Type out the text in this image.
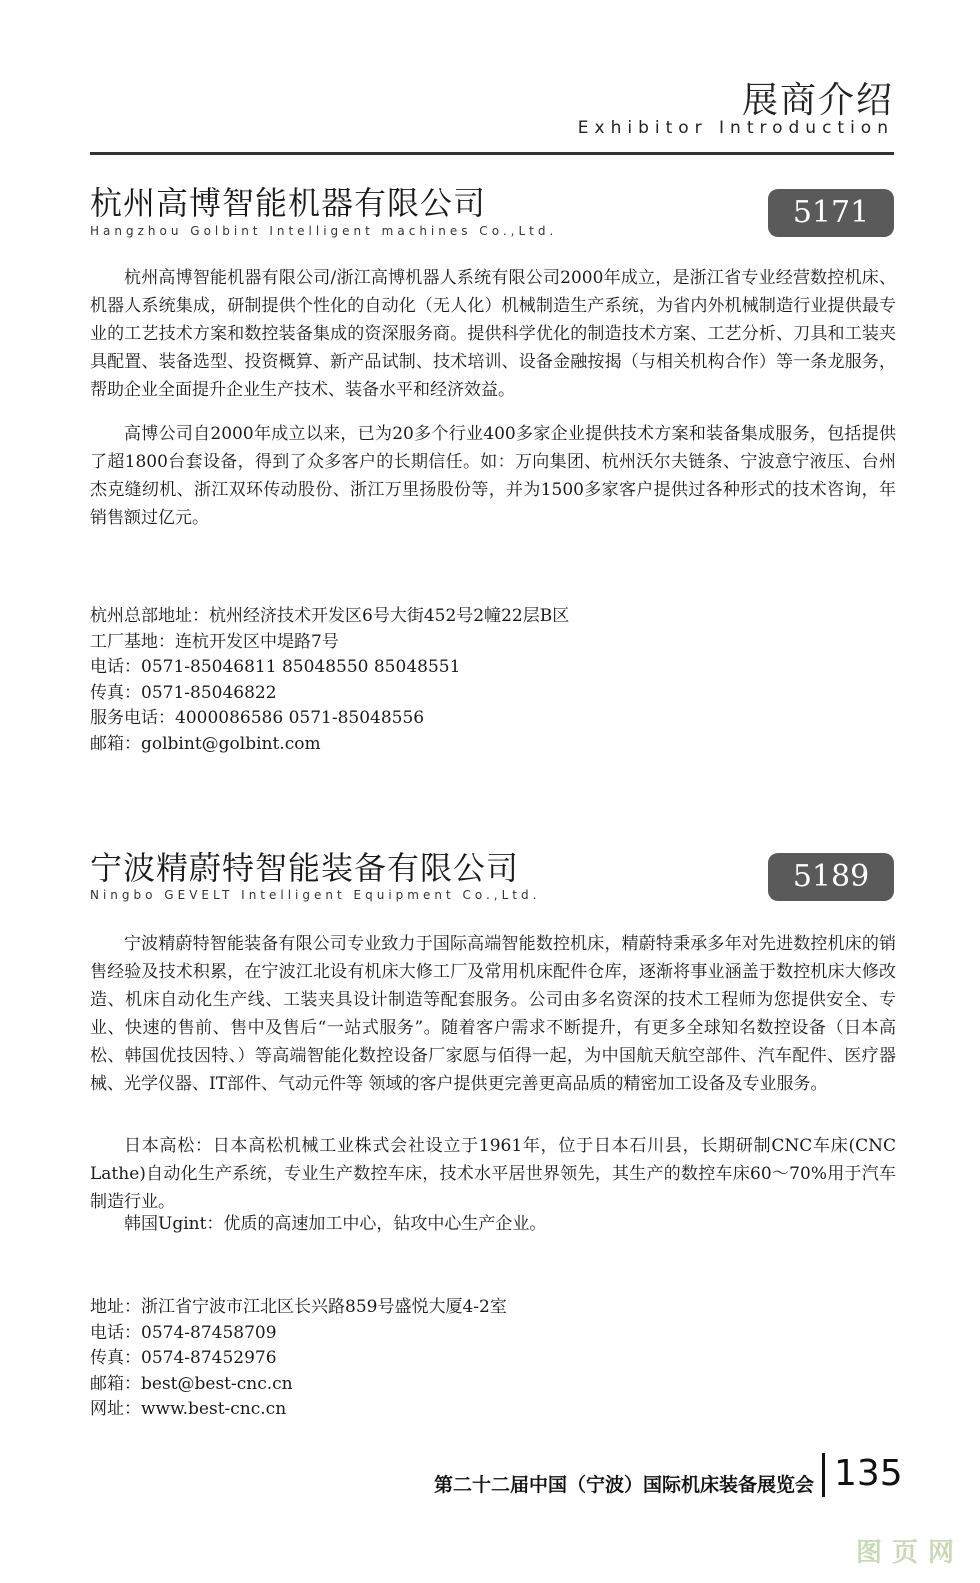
展商介绍
Exhibitor Introduction
杭州高博智能机器有限公司
Hangzhou Golbint Intelligent machines Co.,Ltd.
5171

杭州高博智能机器有限公司/浙江高博机器人系统有限公司2000年成立，是浙江省专业经营数控机床、机器人系统集成，研制提供个性化的自动化（无人化）机械制造生产系统，为省内外机械制造行业提供最专业的工艺技术方案和数控装备集成的资深服务商。提供科学优化的制造技术方案、工艺分析、刀具和工装夹具配置、装备选型、投资概算、新产品试制、技术培训、设备金融按揭（与相关机构合作）等一条龙服务，帮助企业全面提升企业生产技术、装备水平和经济效益。

高博公司自2000年成立以来，已为20多个行业400多家企业提供技术方案和装备集成服务，包括提供了超1800台套设备，得到了众多客户的长期信任。如：万向集团、杭州沃尔夫链条、宁波意宁液压、台州杰克缝纫机、浙江双环传动股份、浙江万里扬股份等，并为1500多家客户提供过各种形式的技术咨询，年销售额过亿元。

杭州总部地址：杭州经济技术开发区6号大街452号2幢22层B区
工厂基地：连杭开发区中堤路7号
电话：0571-85046811 85048550 85048551
传真：0571-85046822
服务电话：4000086586 0571-85048556
邮箱：golbint@golbint.com
宁波精蔚特智能装备有限公司
Ningbo GEVELT Intelligent Equipment Co.,Ltd.
5189

宁波精蔚特智能装备有限公司专业致力于国际高端智能数控机床，精蔚特秉承多年对先进数控机床的销售经验及技术积累，在宁波江北设有机床大修工厂及常用机床配件仓库，逐渐将事业涵盖于数控机床大修改造、机床自动化生产线、工装夹具设计制造等配套服务。公司由多名资深的技术工程师为您提供安全、专业、快速的售前、售中及售后“一站式服务”。随着客户需求不断提升，有更多全球知名数控设备（日本高松、韩国优技因特、）等高端智能化数控设备厂家愿与佰得一起，为中国航天航空部件、汽车配件、医疗器械、光学仪器、IT部件、气动元件等 领域的客户提供更完善更高品质的精密加工设备及专业服务。

日本高松：日本高松机械工业株式会社设立于1961年，位于日本石川县，长期研制CNC车床(CNC Lathe)自动化生产系统，专业生产数控车床，技术水平居世界领先，其生产的数控车床60～70%用于汽车制造行业。

韩国Ugint：优质的高速加工中心，钻攻中心生产企业。

地址：浙江省宁波市江北区长兴路859号盛悦大厦4-2室
电话：0574-87458709
传真：0574-87452976
邮箱：best@best-cnc.cn
网址：www.best-cnc.cn
第二十二届中国（宁波）国际机床装备展览会 135
图页网
